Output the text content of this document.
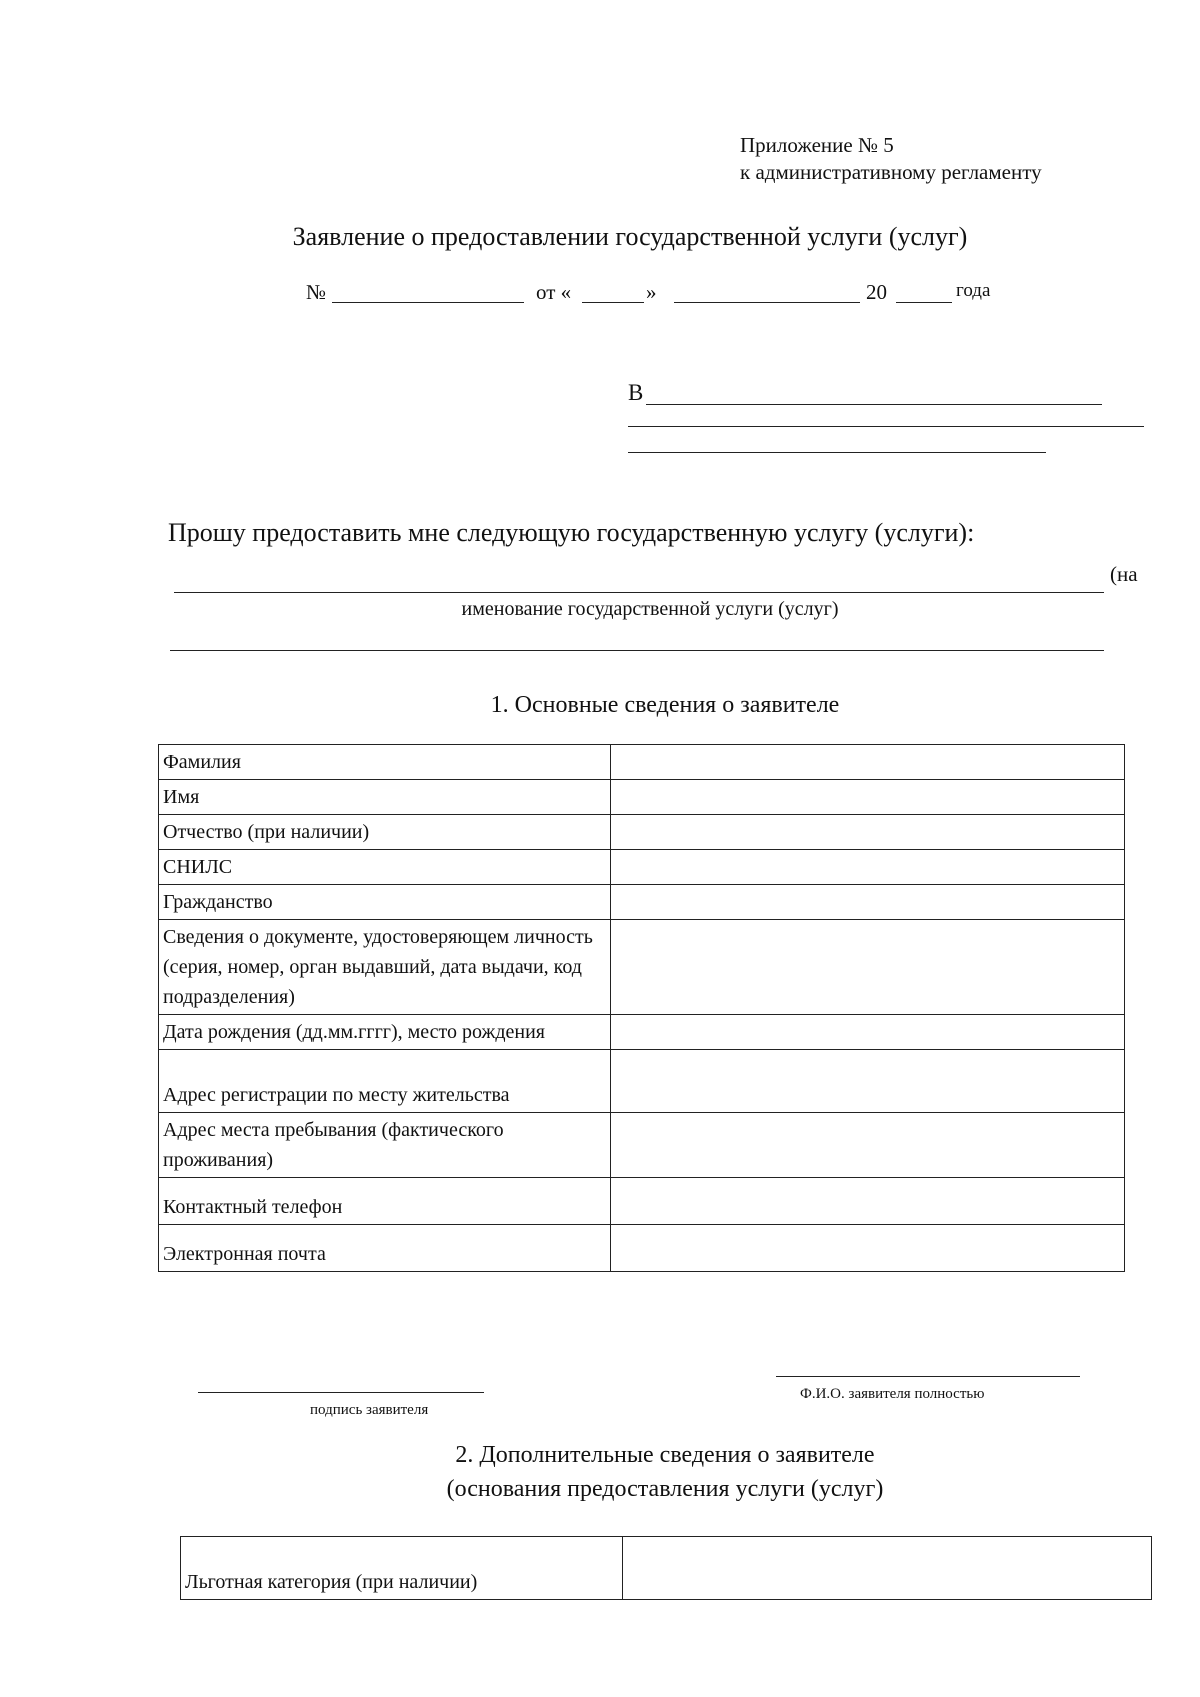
Приложение № 5
к административному регламенту
Заявление о предоставлении государственной услуги (услуг)
№	от «	»	20	года
В
Прошу предоставить мне следующую государственную услугу (услуги):
(на
именование государственной услуги (услуг)
1. Основные сведения о заявителе
Фамилия	
Имя	
Отчество (при наличии)	
СНИЛС	
Гражданство	
Сведения о документе, удостоверяющем личность (серия, номер, орган выдавший, дата выдачи, код подразделения)	
Дата рождения (дд.мм.гггг), место рождения	
Адрес регистрации по месту жительства	
Адрес места пребывания (фактического проживания)	
Контактный телефон	
Электронная почта	
подпись заявителя
Ф.И.О. заявителя полностью
2. Дополнительные сведения о заявителе
(основания предоставления услуги (услуг)
Льготная категория (при наличии)	
